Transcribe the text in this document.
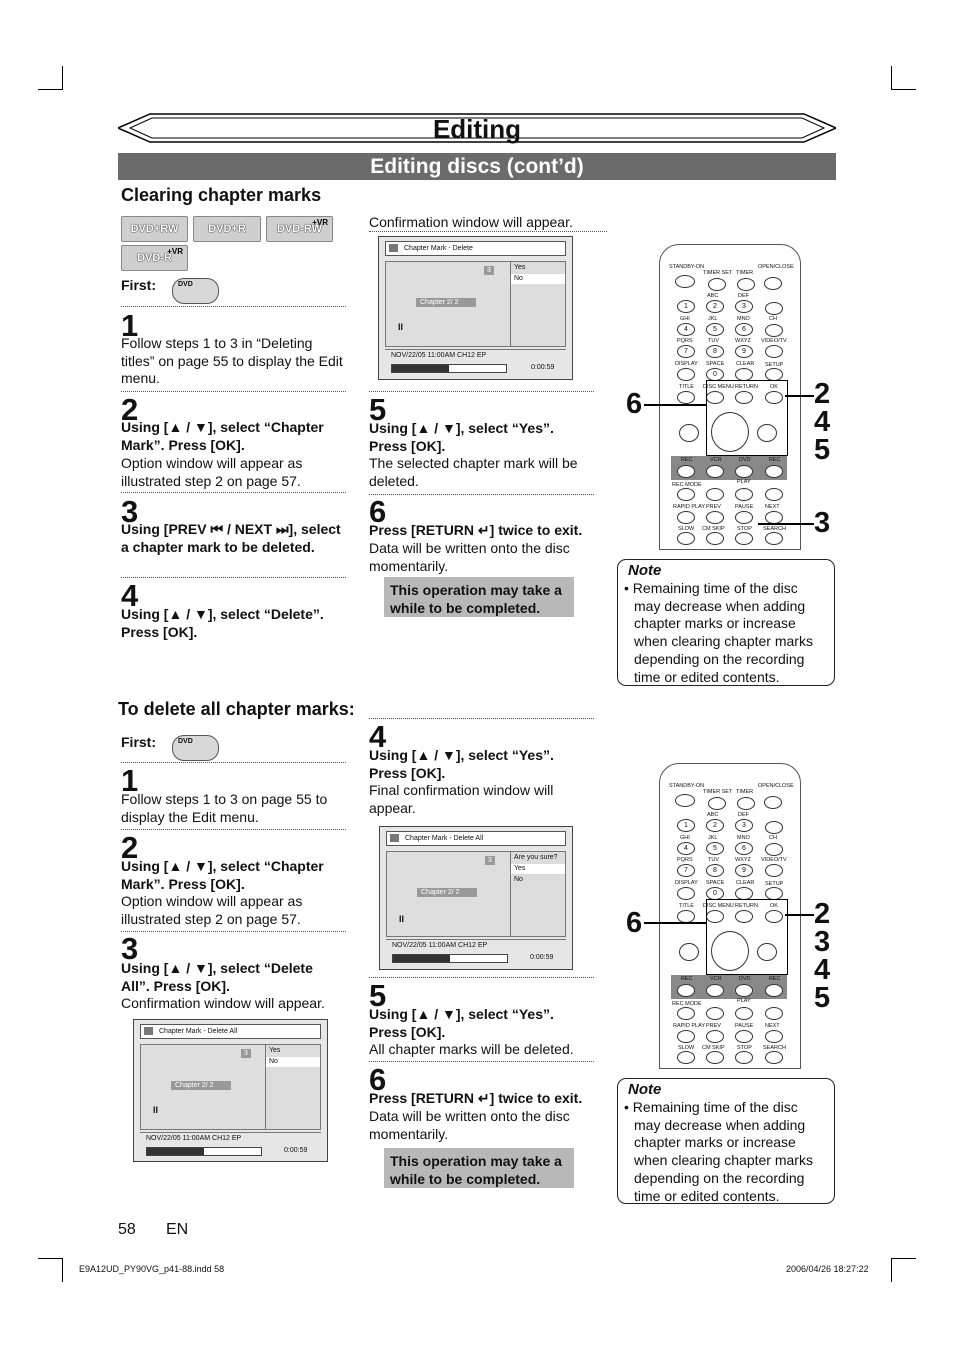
Editing
Editing discs (cont’d)
Clearing chapter marks
DVD+RW	DVD+R
+VR
DVD-RW
+VR
DVD-R
First:	DVD
1
Follow steps 1 to 3 in “Deleting titles” on page 55 to display the Edit menu.
2
Using [▲ / ▼], select “Chapter Mark”. Press [OK].
Option window will appear as illustrated step 2 on page 57.
3
Using [PREV ⏮ / NEXT ⏭], select a chapter mark to be deleted.
4
Using [▲ / ▼], select “Delete”. Press [OK].
Confirmation window will appear.
Chapter Mark - Delete
3
Chapter 2/ 2
II
Yes
No
NOV/22/05 11:00AM CH12 EP
0:00:59
5
Using [▲ / ▼], select “Yes”. Press [OK].
The selected chapter mark will be deleted.
6
Press [RETURN ↵] twice to exit.
Data will be written onto the disc momentarily.
This operation may take a while to be completed.
Note
• Remaining time of the disc may decrease when adding chapter marks or increase when clearing chapter marks depending on the recording time or edited contents.
STANDBY-ON	OPEN/CLOSE
TIMER SET TIMER
ABC	DEF
1	2	3
CH
GHI	JKL	MNO
4	5	6
PQRS	TUV	WXYZ VIDEO/TV
7	8	9
DISPLAY SPACE CLEAR SETUP
0
TITLE DISC MENU RETURN OK
REC	VCR	DVD	REC
REC MODE	PLAY
RAPID PLAY PREV	PAUSE NEXT
SLOW CM SKIP STOP SEARCH
6	2
4
5
3
To delete all chapter marks:
First:	DVD
1
Follow steps 1 to 3 on page 55 to display the Edit menu.
2
Using [▲ / ▼], select “Chapter Mark”. Press [OK].
Option window will appear as illustrated step 2 on page 57.
3
Using [▲ / ▼], select “Delete All”. Press [OK].
Confirmation window will appear.
Chapter Mark - Delete All
3
Chapter 2/ 2
II
Yes
No
NOV/22/05 11:00AM CH12 EP
0:00:59
4
Using [▲ / ▼], select “Yes”. Press [OK].
Final confirmation window will appear.
Chapter Mark - Delete All
3
Chapter 2/ 2
II
Are you sure?
Yes
No
NOV/22/05 11:00AM CH12 EP
0:00:59
5
Using [▲ / ▼], select “Yes”. Press [OK].
All chapter marks will be deleted.
6
Press [RETURN ↵] twice to exit.
Data will be written onto the disc momentarily.
This operation may take a while to be completed.
STANDBY-ON	OPEN/CLOSE
TIMER SET TIMER
ABC	DEF
1	2	3
CH
GHI	JKL	MNO
4	5	6
PQRS	TUV	WXYZ VIDEO/TV
7	8	9
DISPLAY SPACE CLEAR SETUP
0
TITLE DISC MENU RETURN OK
REC	VCR	DVD	REC
REC MODE	PLAY
RAPID PLAY PREV	PAUSE NEXT
SLOW CM SKIP STOP SEARCH
6	2
3
4
5
Note
• Remaining time of the disc may decrease when adding chapter marks or increase when clearing chapter marks depending on the recording time or edited contents.
58 EN
E9A12UD_PY90VG_p41-88.indd 58	2006/04/26 18:27:22
